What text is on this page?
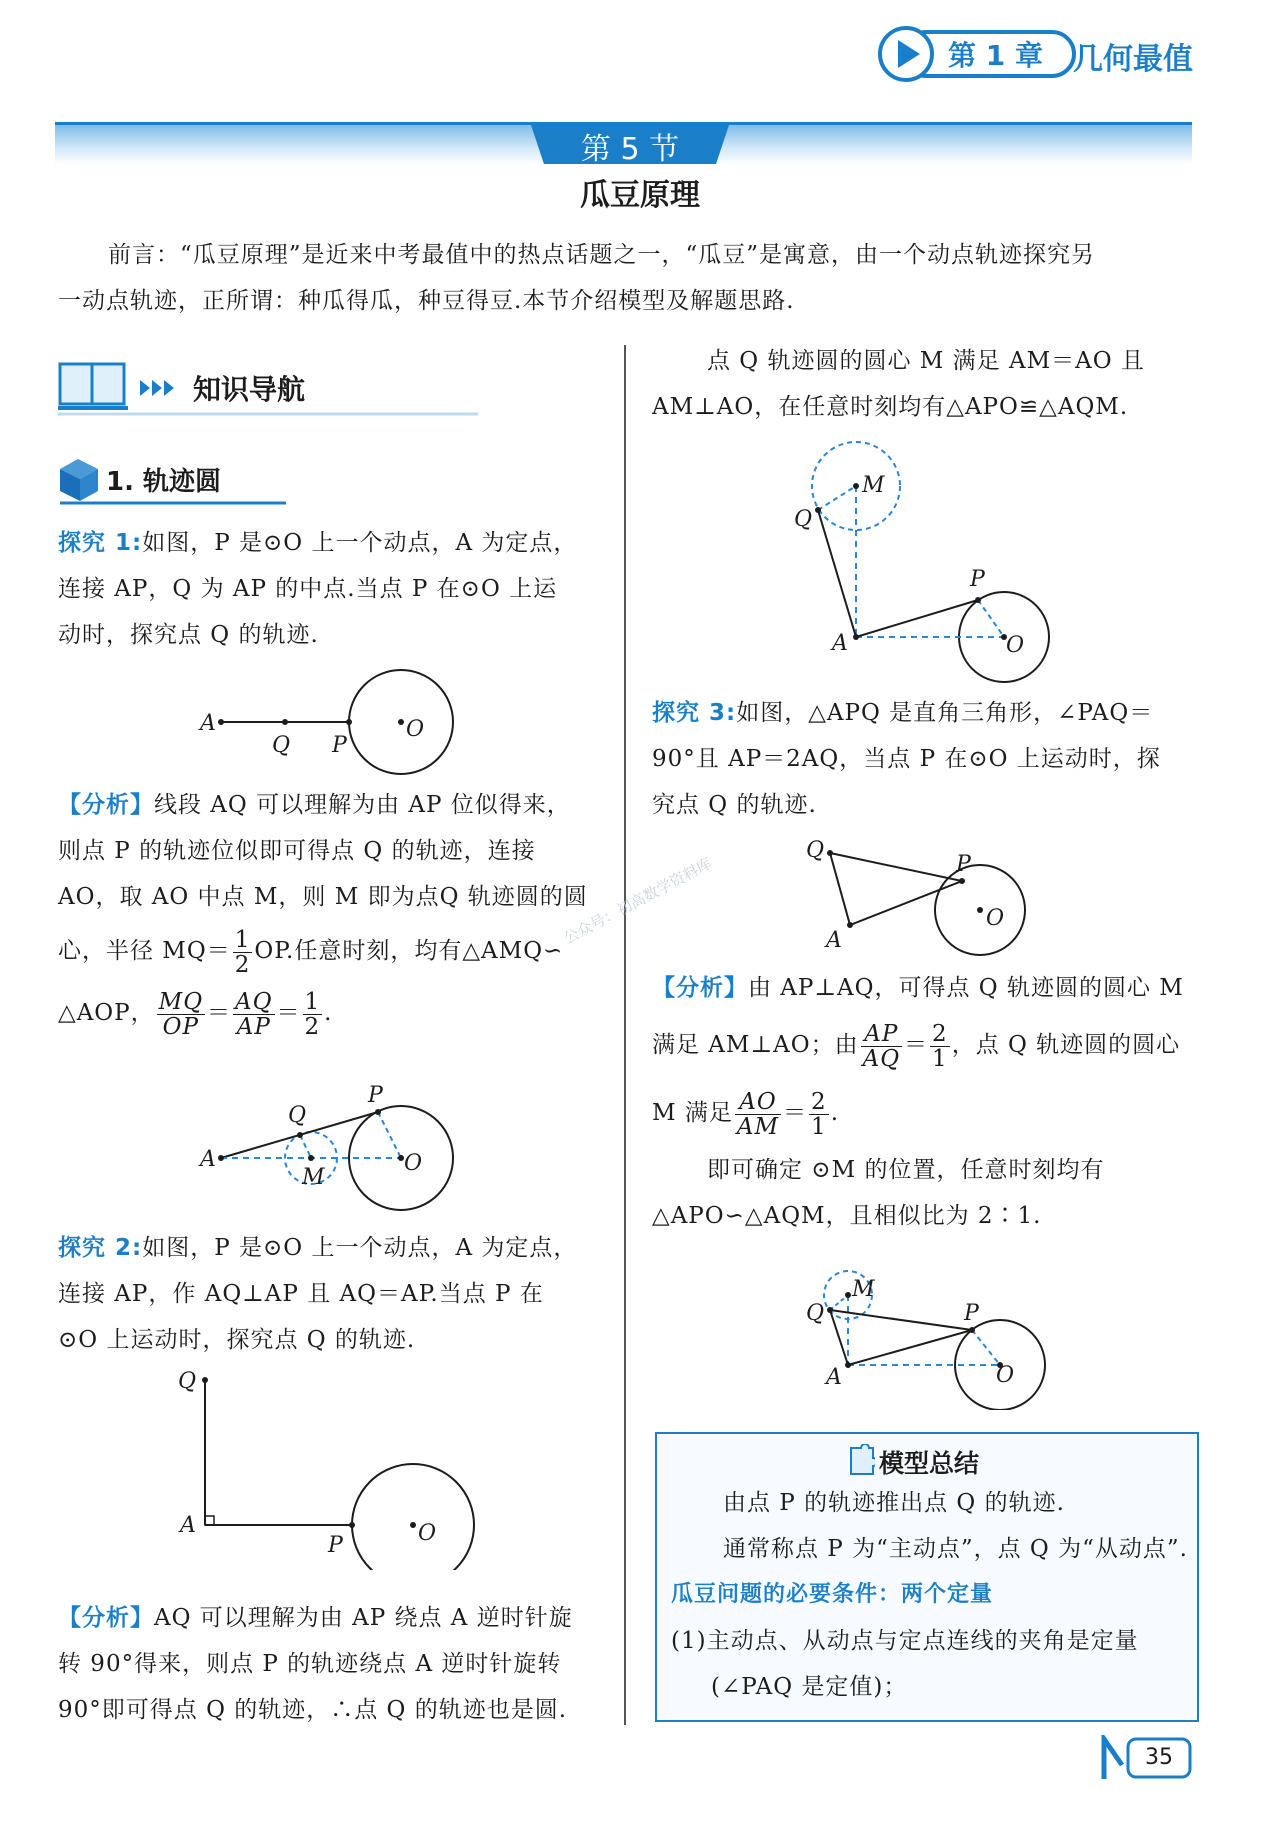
第 1 章 几何最值
第 5 节
瓜豆原理
前言：“瓜豆原理”是近来中考最值中的热点话题之一，“瓜豆”是寓意，由一个动点轨迹探究另
一动点轨迹，正所谓：种瓜得瓜，种豆得豆.本节介绍模型及解题思路.
知识导航
1. 轨迹圆
探究 1:如图，P 是⊙O 上一个动点，A 为定点，
连接 AP，Q 为 AP 的中点.当点 P 在⊙O 上运
动时，探究点 Q 的轨迹.
A
Q P
O
【分析】线段 AQ 可以理解为由 AP 位似得来，
则点 P 的轨迹位似即可得点 Q 的轨迹，连接
AO，取 AO 中点 M，则 M 即为点Q 轨迹圆的圆
心，半径 $MQ= \frac{1}{2}$ OP.任意时刻，均有△AMQ∽
△AOP， $\frac{MQ}{OP} = \frac{AQ}{AP} = \frac{1}{2}$ .
A
Q
P
M
O
探究 2:如图，P 是⊙O 上一个动点，A 为定点，
连接 AP，作 AQ⊥AP 且 AQ＝AP.当点 P 在
⊙O 上运动时，探究点 Q 的轨迹.
Q
A
P	O
【分析】AQ 可以理解为由 AP 绕点 A 逆时针旋
转 90°得来，则点 P 的轨迹绕点 A 逆时针旋转
90°即可得点 Q 的轨迹，∴点 Q 的轨迹也是圆.
点 Q 轨迹圆的圆心 M 满足 AM＝AO 且
AM⊥AO，在任意时刻均有△APO≌△AQM.
M
Q
A
P
O
探究 3:如图，△APQ 是直角三角形，∠PAQ＝
90°且 AP＝2AQ，当点 P 在⊙O 上运动时，探
究点 Q 的轨迹.
Q
A
P
O
公众号：初高数学资料库
【分析】由 AP⊥AQ，可得点 Q 轨迹圆的圆心 M
满足 AM⊥AO；由 $\frac{AP}{AQ} = \frac{2}{1}$ ，点 Q 轨迹圆的圆心
M 满足 $\frac{AO}{AM} = \frac{2}{1}$ .
即可确定 ⊙M 的位置，任意时刻均有
△APO∽△AQM，且相似比为 2∶1.
M
Q
A
P
O
模型总结
由点 P 的轨迹推出点 Q 的轨迹.
通常称点 P 为“主动点”，点 Q 为“从动点”.
瓜豆问题的必要条件：两个定量
(1)主动点、从动点与定点连线的夹角是定量
(∠PAQ 是定值)；
35
